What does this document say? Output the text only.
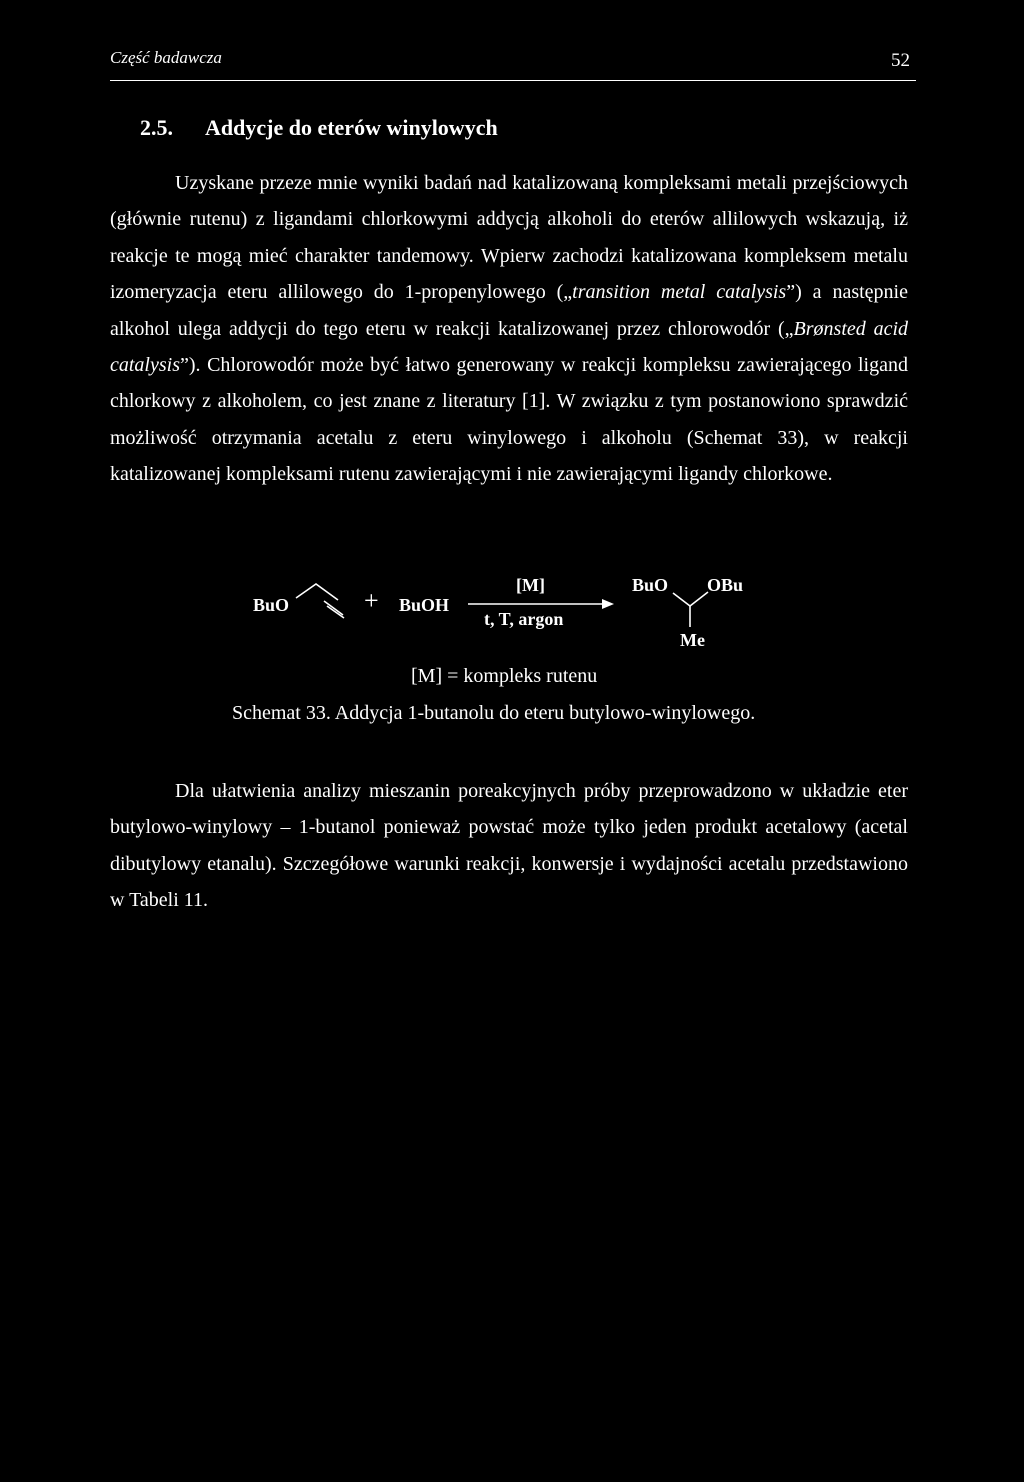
Część badawcza	52
2.5. Addycje do eterów winylowych

Uzyskane przeze mnie wyniki badań nad katalizowaną kompleksami metali przejściowych (głównie rutenu) z ligandami chlorkowymi addycją alkoholi do eterów allilowych wskazują, iż reakcje te mogą mieć charakter tandemowy. Wpierw zachodzi katalizowana kompleksem metalu izomeryzacja eteru allilowego do 1-propenylowego („transition metal catalysis”) a następnie alkohol ulega addycji do tego eteru w reakcji katalizowanej przez chlorowodór („Brønsted acid catalysis”). Chlorowodór może być łatwo generowany w reakcji kompleksu zawierającego ligand chlorkowy z alkoholem, co jest znane z literatury [1]. W związku z tym postanowiono sprawdzić możliwość otrzymania acetalu z eteru winylowego i alkoholu (Schemat 33), w reakcji katalizowanej kompleksami rutenu zawierającymi i nie zawierającymi ligandy chlorkowe.

BuO	+ BuOH
[M]
t, T, argon
BuO OBu
Me
[M] = kompleks rutenu
Schemat 33. Addycja 1-butanolu do eteru butylowo-winylowego.

Dla ułatwienia analizy mieszanin poreakcyjnych próby przeprowadzono w układzie eter butylowo-winylowy – 1-butanol ponieważ powstać może tylko jeden produkt acetalowy (acetal dibutylowy etanalu). Szczegółowe warunki reakcji, konwersje i wydajności acetalu przedstawiono w Tabeli 11.
